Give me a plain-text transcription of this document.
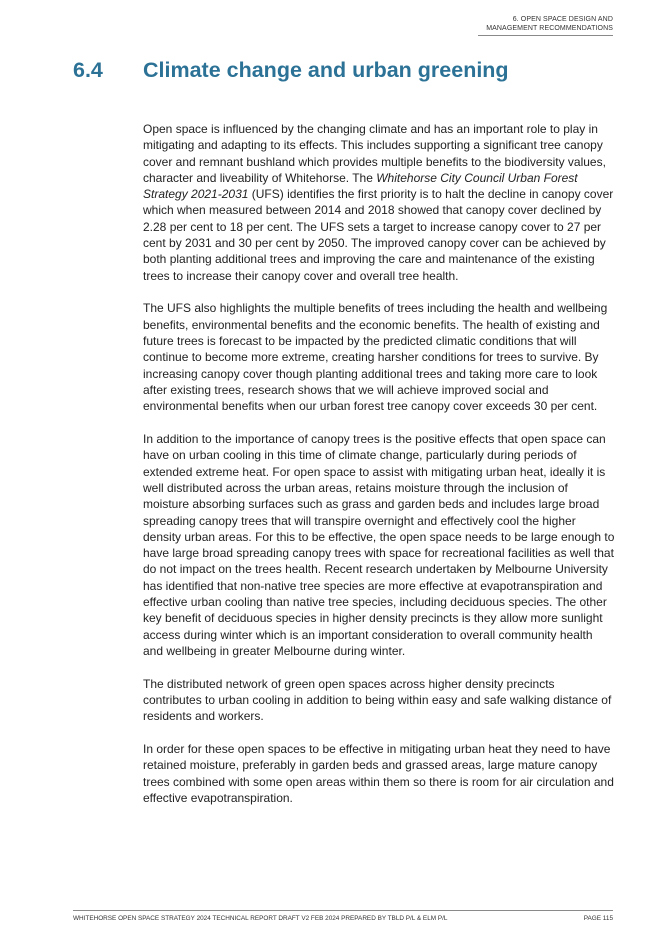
6. OPEN SPACE DESIGN AND
MANAGEMENT RECOMMENDATIONS
6.4 Climate change and urban greening

Open space is influenced by the changing climate and has an important role to play in mitigating and adapting to its effects. This includes supporting a significant tree canopy cover and remnant bushland which provides multiple benefits to the biodiversity values, character and liveability of Whitehorse. The Whitehorse City Council Urban Forest Strategy 2021-2031 (UFS) identifies the first priority is to halt the decline in canopy cover which when measured between 2014 and 2018 showed that canopy cover declined by 2.28 per cent to 18 per cent. The UFS sets a target to increase canopy cover to 27 per cent by 2031 and 30 per cent by 2050. The improved canopy cover can be achieved by both planting additional trees and improving the care and maintenance of the existing trees to increase their canopy cover and overall tree health.

The UFS also highlights the multiple benefits of trees including the health and wellbeing benefits, environmental benefits and the economic benefits. The health of existing and future trees is forecast to be impacted by the predicted climatic conditions that will continue to become more extreme, creating harsher conditions for trees to survive. By increasing canopy cover though planting additional trees and taking more care to look after existing trees, research shows that we will achieve improved social and environmental benefits when our urban forest tree canopy cover exceeds 30 per cent.

In addition to the importance of canopy trees is the positive effects that open space can have on urban cooling in this time of climate change, particularly during periods of extended extreme heat. For open space to assist with mitigating urban heat, ideally it is well distributed across the urban areas, retains moisture through the inclusion of moisture absorbing surfaces such as grass and garden beds and includes large broad spreading canopy trees that will transpire overnight and effectively cool the higher density urban areas. For this to be effective, the open space needs to be large enough to have large broad spreading canopy trees with space for recreational facilities as well that do not impact on the trees health. Recent research undertaken by Melbourne University has identified that non-native tree species are more effective at evapotranspiration and effective urban cooling than native tree species, including deciduous species. The other key benefit of deciduous species in higher density precincts is they allow more sunlight access during winter which is an important consideration to overall community health and wellbeing in greater Melbourne during winter.

The distributed network of green open spaces across higher density precincts contributes to urban cooling in addition to being within easy and safe walking distance of residents and workers.

In order for these open spaces to be effective in mitigating urban heat they need to have retained moisture, preferably in garden beds and grassed areas, large mature canopy trees combined with some open areas within them so there is room for air circulation and effective evapotranspiration.

WHITEHORSE OPEN SPACE STRATEGY 2024 TECHNICAL REPORT DRAFT V2 FEB 2024 PREPARED BY TBLD P/L & ELM P/L	PAGE 115
